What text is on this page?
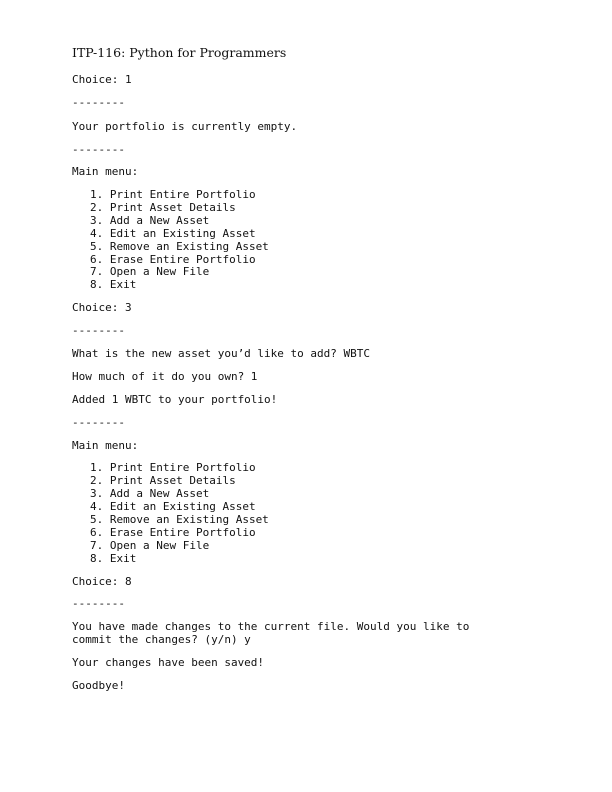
ITP-116: Python for Programmers
Choice: 1
--------
Your portfolio is currently empty.
--------
Main menu:
1. Print Entire Portfolio
2. Print Asset Details
3. Add a New Asset
4. Edit an Existing Asset
5. Remove an Existing Asset
6. Erase Entire Portfolio
7. Open a New File
8. Exit
Choice: 3
--------
What is the new asset you’d like to add? WBTC
How much of it do you own? 1
Added 1 WBTC to your portfolio!
--------
Main menu:
1. Print Entire Portfolio
2. Print Asset Details
3. Add a New Asset
4. Edit an Existing Asset
5. Remove an Existing Asset
6. Erase Entire Portfolio
7. Open a New File
8. Exit
Choice: 8
--------
You have made changes to the current file. Would you like to commit the changes? (y/n) y
Your changes have been saved!
Goodbye!
